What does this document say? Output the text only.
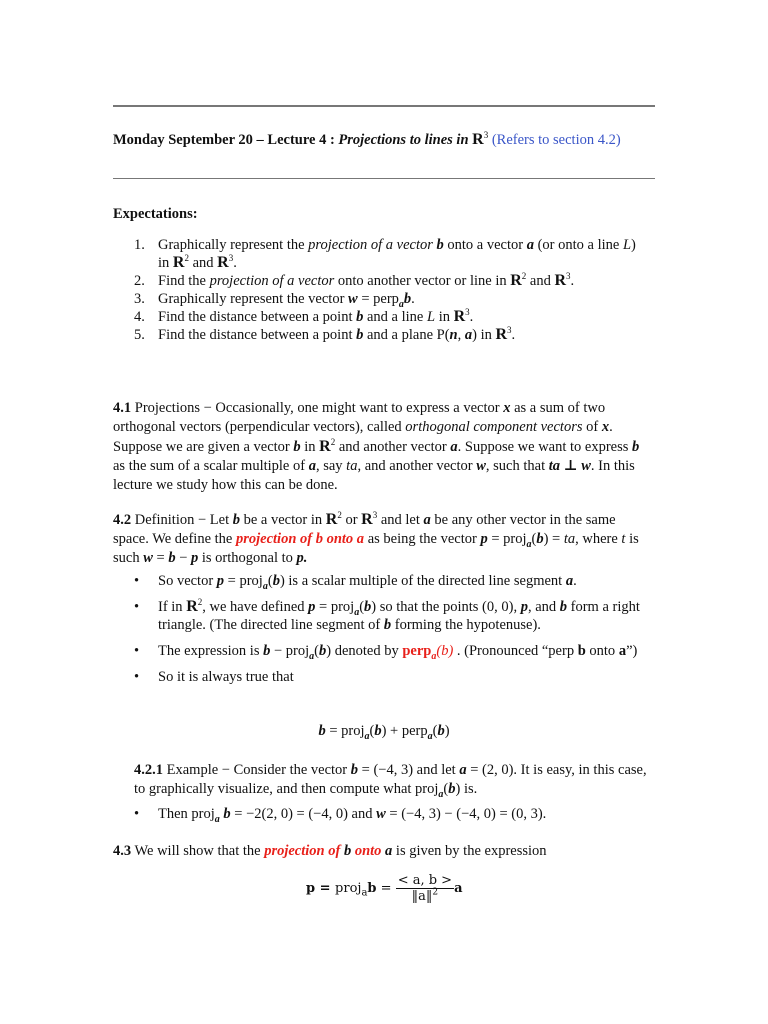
Monday September 20 – Lecture 4 : Projections to lines in $R^3$ (Refers to section 4.2)
Expectations:
1. Graphically represent the projection of a vector b onto a vector a (or onto a line L)
in $R^2$ and $R^3$.
2. Find the projection of a vector onto another vector or line in $R^2$ and $R^3$.
3. Graphically represent the vector w = perp$_a$b.
4. Find the distance between a point b and a line L in $R^3$.
5. Find the distance between a point b and a plane P(n, a) in $R^3$.
4.1 Projections − Occasionally, one might want to express a vector x as a sum of two orthogonal vectors (perpendicular vectors), called orthogonal component vectors of x. Suppose we are given a vector b in $R^2$ and another vector a. Suppose we want to express b as the sum of a scalar multiple of a, say ta, and another vector w, such that ta ⊥ w. In this lecture we study how this can be done.
4.2 Definition − Let b be a vector in $R^2$ or $R^3$ and let a be any other vector in the same space. We define the projection of b onto a as being the vector p = proj$_a$(b) = ta, where t is such w = b − p is orthogonal to p.
• So vector p = proj$_a$(b) is a scalar multiple of the directed line segment a.
• If in $R^2$, we have defined p = proj$_a$(b) so that the points (0, 0), p, and b form a right triangle. (The directed line segment of b forming the hypotenuse).
• The expression is b − proj$_a$(b) denoted by perp$_a$(b) . (Pronounced “perp b onto a”)
• So it is always true that
b = proj$_a$(b) + perp$_a$(b)
4.2.1 Example − Consider the vector b = (−4, 3) and let a = (2, 0). It is easy, in this case, to graphically visualize, and then compute what proj$_a$(b) is.
• Then proj$_a$ b = −2(2, 0) = (−4, 0) and w = (−4, 3) − (−4, 0) = (0, 3).
4.3 We will show that the projection of b onto a is given by the expression
p = proj$_a$b = $\frac{< a, b >}{‖a‖^2}$ a
